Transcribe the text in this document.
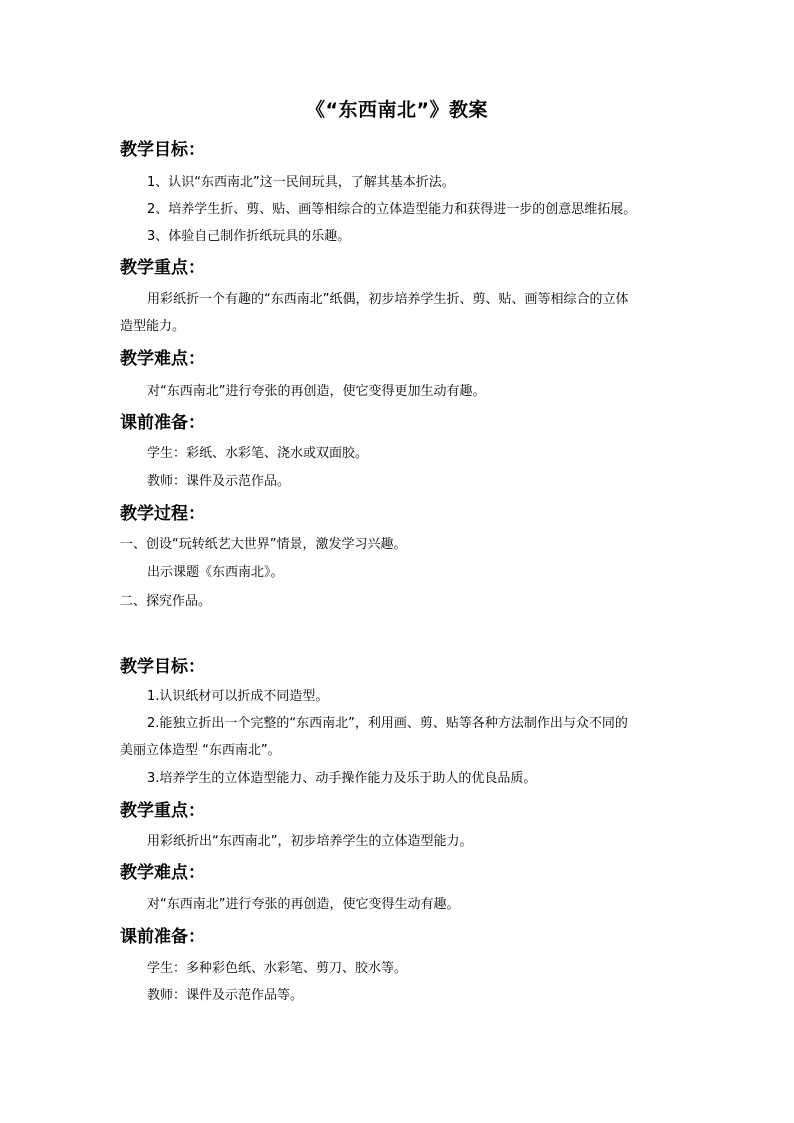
《“东西南北”》教案
教学目标：
1、认识“东西南北”这一民间玩具，了解其基本折法。
2、培养学生折、剪、贴、画等相综合的立体造型能力和获得进一步的创意思维拓展。
3、体验自己制作折纸玩具的乐趣。
教学重点：
用彩纸折一个有趣的“东西南北”纸偶，初步培养学生折、剪、贴、画等相综合的立体
造型能力。
教学难点：
对“东西南北”进行夸张的再创造，使它变得更加生动有趣。
课前准备：
学生：彩纸、水彩笔、浇水或双面胶。
教师：课件及示范作品。
教学过程：
一、创设“玩转纸艺大世界”情景，激发学习兴趣。
出示课题《东西南北》。
二、探究作品。
教学目标：
1.认识纸材可以折成不同造型。
2.能独立折出一个完整的“东西南北”，利用画、剪、贴等各种方法制作出与众不同的
美丽立体造型 “东西南北”。
3.培养学生的立体造型能力、动手操作能力及乐于助人的优良品质。
教学重点：
用彩纸折出“东西南北”，初步培养学生的立体造型能力。
教学难点：
对“东西南北”进行夸张的再创造，使它变得生动有趣。
课前准备：
学生：多种彩色纸、水彩笔、剪刀、胶水等。
教师：课件及示范作品等。
